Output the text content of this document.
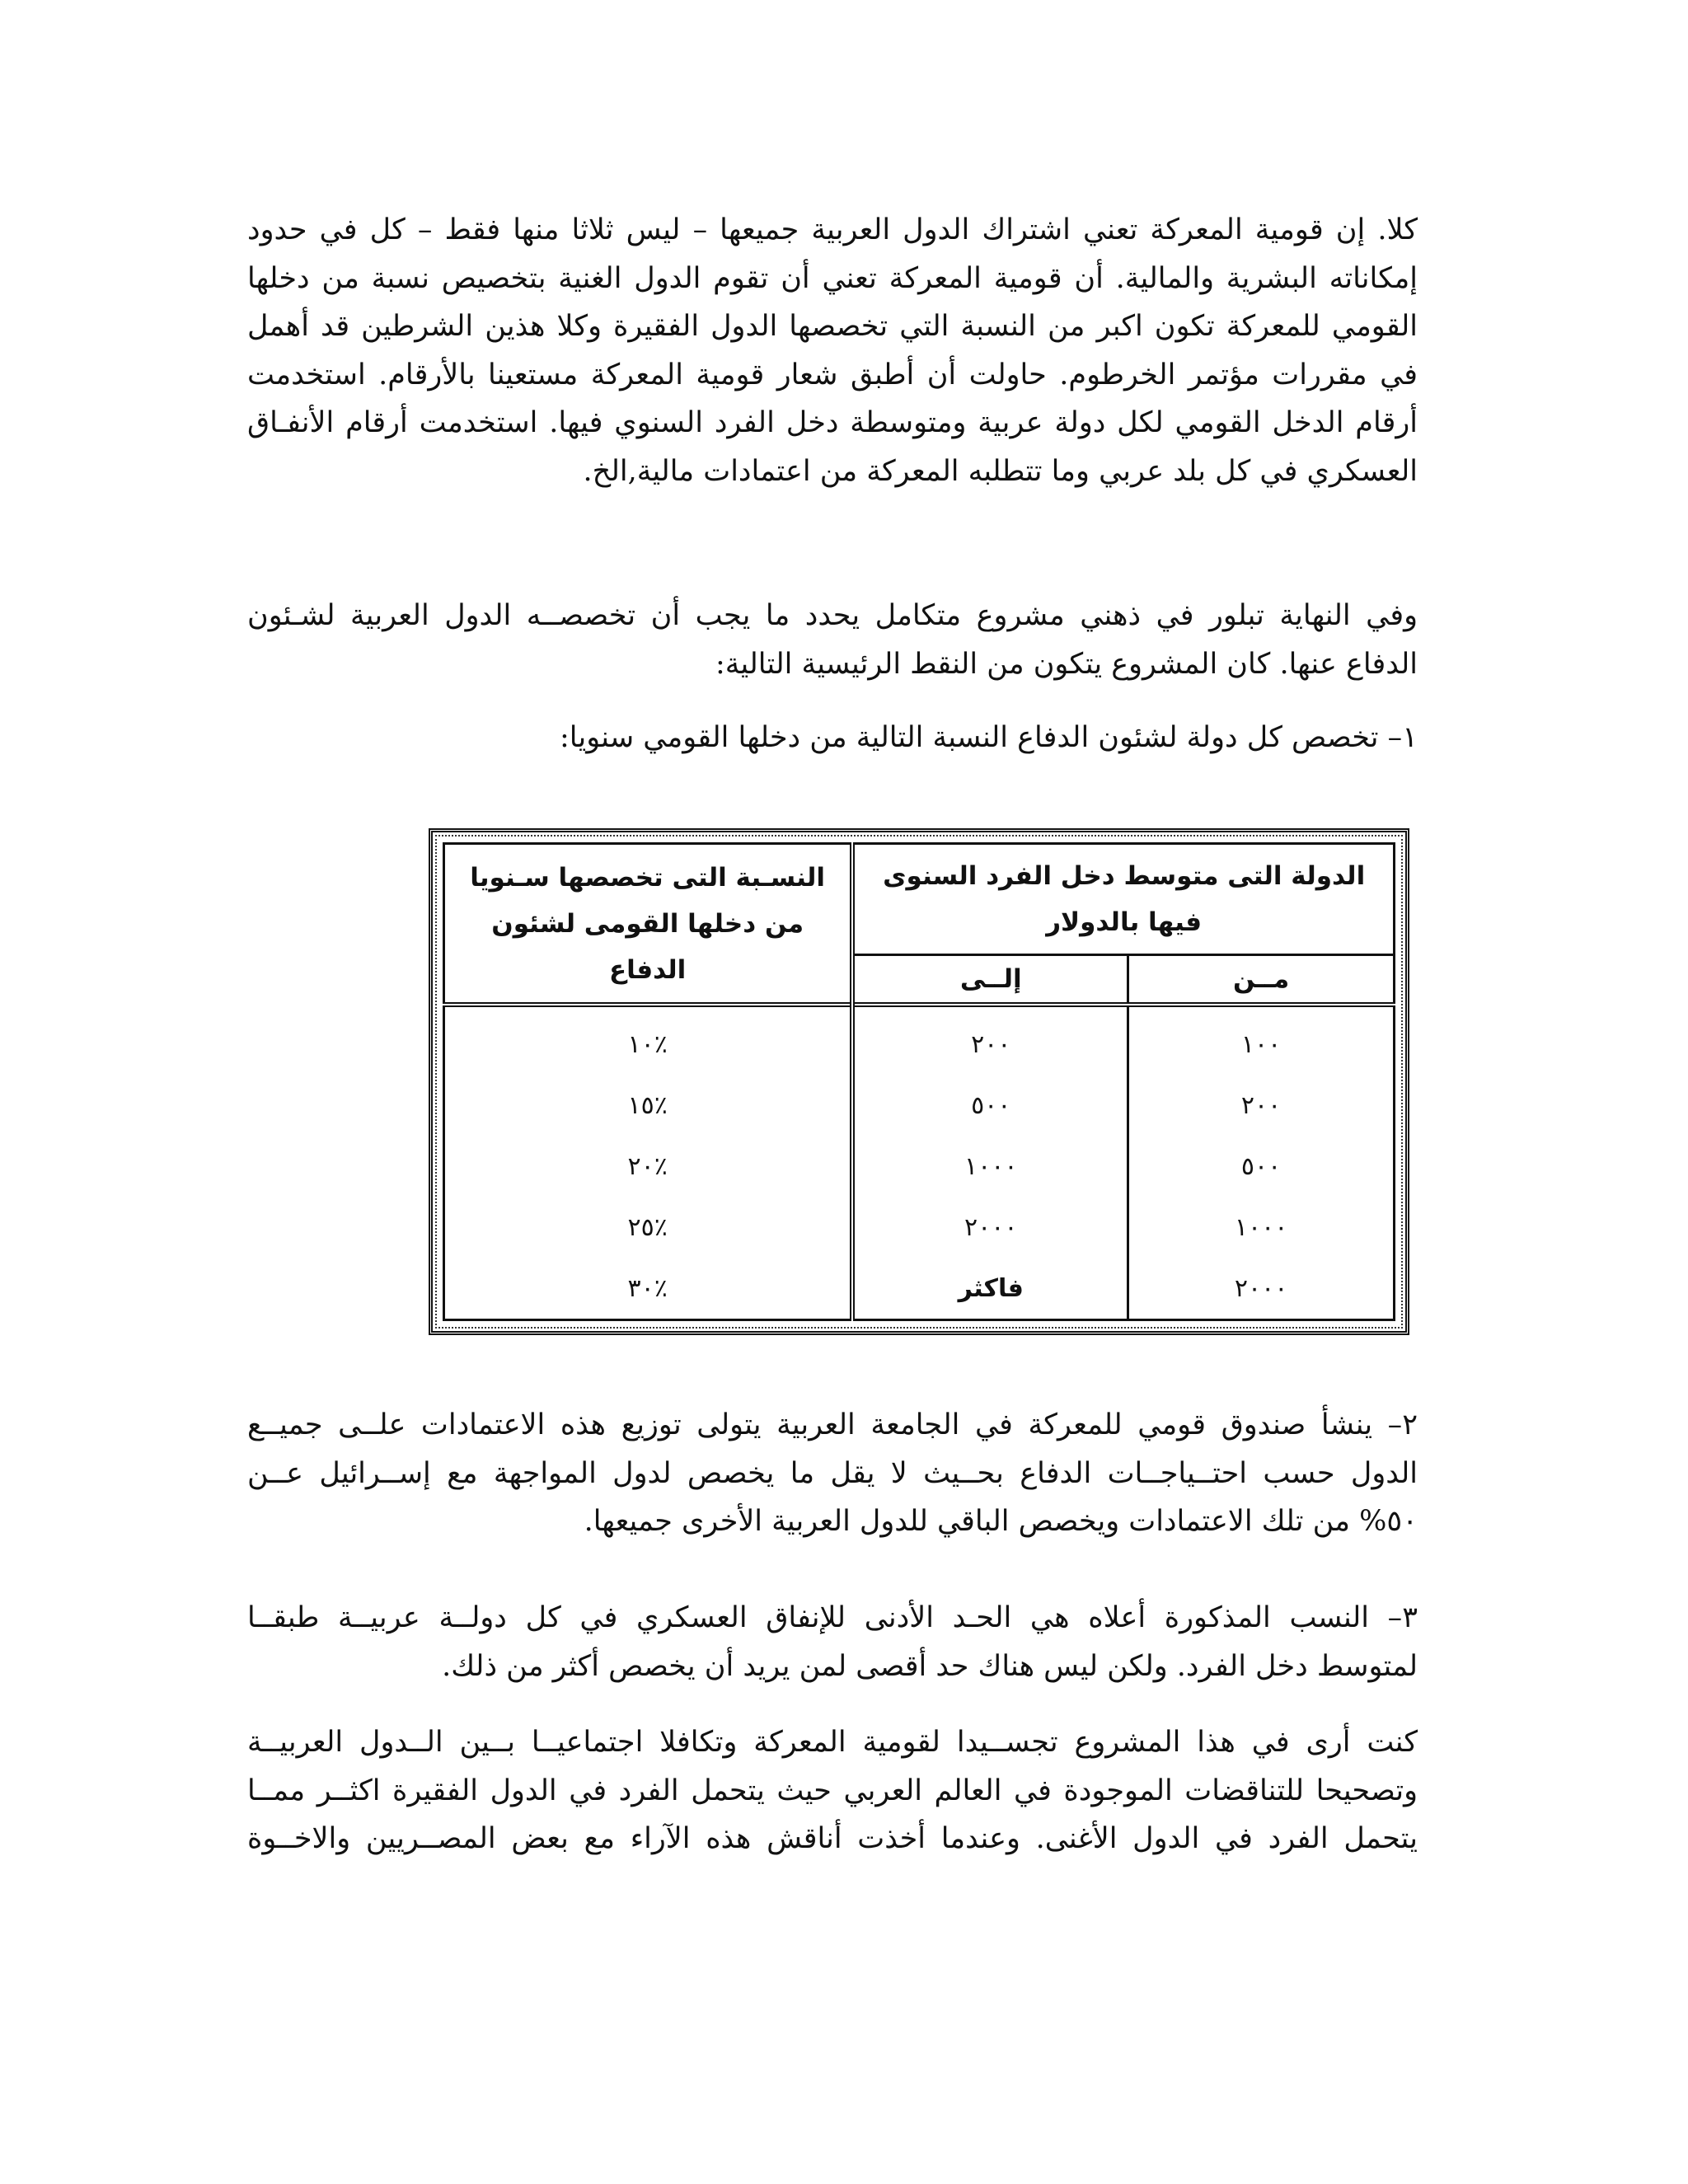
كلا. إن قومية المعركة تعني اشتراك الدول العربية جميعها – ليس ثلاثا منها فقط – كل في حدود
إمكاناته البشرية والمالية. أن قومية المعركة تعني أن تقوم الدول الغنية بتخصيص نسبة من دخلها
القومي للمعركة تكون اكبر من النسبة التي تخصصها الدول الفقيرة وكلا هذين الشرطين قد أهمل
في مقررات مؤتمر الخرطوم. حاولت أن أطبق شعار قومية المعركة مستعينا بالأرقام. استخدمت
أرقام الدخل القومي لكل دولة عربية ومتوسطة دخل الفرد السنوي فيها. استخدمت أرقام الأنفـاق
العسكري في كل بلد عربي وما تتطلبه المعركة من اعتمادات مالية,الخ.
وفي النهاية تبلور في ذهني مشروع متكامل يحدد ما يجب أن تخصصــه الدول العربية لشـئون
الدفاع عنها. كان المشروع يتكون من النقط الرئيسية التالية:
١– تخصص كل دولة لشئون الدفاع النسبة التالية من دخلها القومي سنويا:
الدولة التى متوسط دخل الفرد السنوى فيها بالدولار		النسـبة التى تخصصها سـنويا من دخلها القومى لشئون الدفاع
مــن	إلــى	
١٠٠	٢٠٠	٪١٠
٢٠٠	٥٠٠	٪١٥
٥٠٠	١٠٠٠	٪٢٠
١٠٠٠	٢٠٠٠	٪٢٥
٢٠٠٠	فاكثر	٪٣٠
٢– ينشأ صندوق قومي للمعركة في الجامعة العربية يتولى توزيع هذه الاعتمادات علــى جميــع
الدول حسب احتــياجــات الدفاع بحــيث لا يقل ما يخصص لدول المواجهة مع إســرائيل عــن
٥٠% من تلك الاعتمادات ويخصص الباقي للدول العربية الأخرى جميعها.
٣– النسب المذكورة أعلاه هي الحـد الأدنى للإنفاق العسكري في كل دولــة عربيــة طبقــا
لمتوسط دخل الفرد. ولكن ليس هناك حد أقصى لمن يريد أن يخصص أكثر من ذلك.
كنت أرى في هذا المشروع تجســيدا لقومية المعركة وتكافلا اجتماعيــا بــين الــدول العربيــة
وتصحيحا للتناقضات الموجودة في العالم العربي حيث يتحمل الفرد في الدول الفقيرة اكثــر ممــا
يتحمل الفرد في الدول الأغنى. وعندما أخذت أناقش هذه الآراء مع بعض المصــريين والاخــوة
